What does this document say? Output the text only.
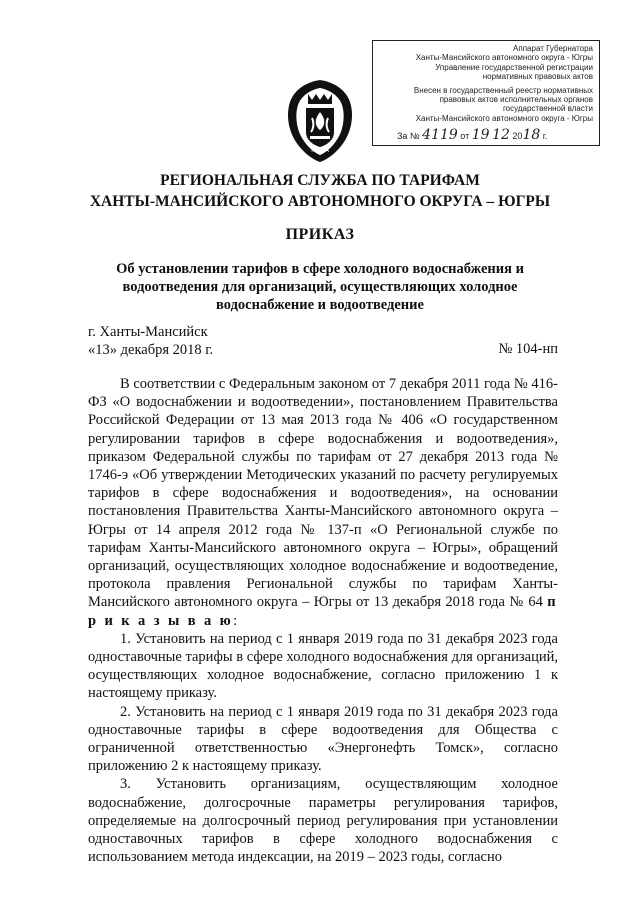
Аппарат Губернатора
Ханты-Мансийского автономного округа - Югры
Управление государственной регистрации
нормативных правовых актов
Внесен в государственный реестр нормативных
правовых актов исполнительных органов
государственной власти
Ханты-Мансийского автономного округа - Югры
За № 4119 от 19 12 2018 г.
ЮГРА
РЕГИОНАЛЬНАЯ СЛУЖБА ПО ТАРИФАМ
ХАНТЫ-МАНСИЙСКОГО АВТОНОМНОГО ОКРУГА – ЮГРЫ
ПРИКАЗ
Об установлении тарифов в сфере холодного водоснабжения и
водоотведения для организаций, осуществляющих холодное
водоснабжение и водоотведение
г. Ханты-Мансийск
«13» декабря 2018 г.	№ 104-нп

В соответствии с Федеральным законом от 7 декабря 2011 года № 416-ФЗ «О водоснабжении и водоотведении», постановлением Правительства Российской Федерации от 13 мая 2013 года № 406 «О государственном регулировании тарифов в сфере водоснабжения и водоотведения», приказом Федеральной службы по тарифам от 27 декабря 2013 года № 1746-э «Об утверждении Методических указаний по расчету регулируемых тарифов в сфере водоснабжения и водоотведения», на основании постановления Правительства Ханты-Мансийского автономного округа – Югры от 14 апреля 2012 года № 137-п «О Региональной службе по тарифам Ханты-Мансийского автономного округа – Югры», обращений организаций, осуществляющих холодное водоснабжение и водоотведение, протокола правления Региональной службы по тарифам Ханты-Мансийского автономного округа – Югры от 13 декабря 2018 года № 64 п р и к а з ы в а ю:

1. Установить на период с 1 января 2019 года по 31 декабря 2023 года одноставочные тарифы в сфере холодного водоснабжения для организаций, осуществляющих холодное водоснабжение, согласно приложению 1 к настоящему приказу.

2. Установить на период с 1 января 2019 года по 31 декабря 2023 года одноставочные тарифы в сфере водоотведения для Общества с ограниченной ответственностью «Энергонефть Томск», согласно приложению 2 к настоящему приказу.

3. Установить организациям, осуществляющим холодное водоснабжение, долгосрочные параметры регулирования тарифов, определяемые на долгосрочный период регулирования при установлении одноставочных тарифов в сфере холодного водоснабжения с использованием метода индексации, на 2019 – 2023 годы, согласно
